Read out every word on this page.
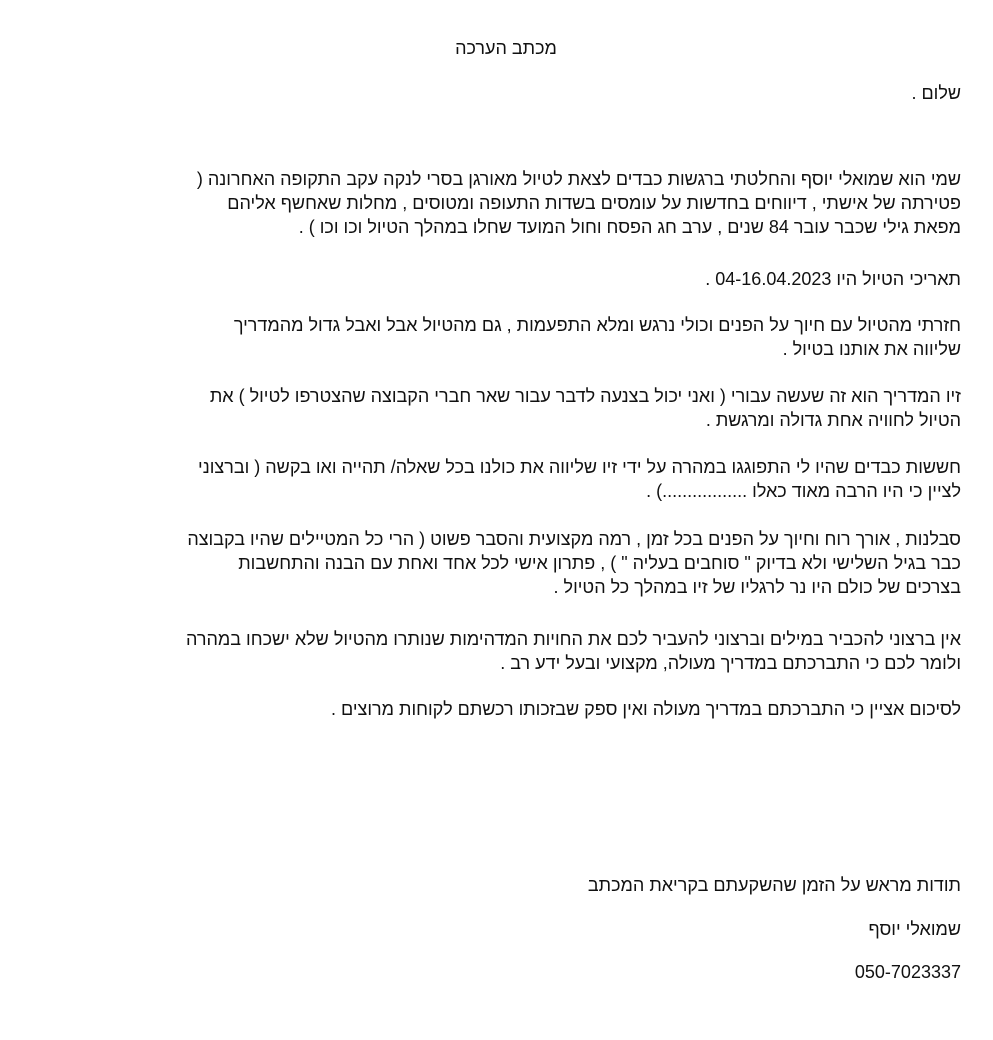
מכתב הערכה
שלום .
שמי הוא שמואלי יוסף והחלטתי ברגשות כבדים לצאת לטיול מאורגן בסרי לנקה עקב התקופה האחרונה (
פטירתה של אישתי , דיווחים בחדשות על עומסים בשדות התעופה ומטוסים , מחלות שאחשף אליהם
מפאת גילי שכבר עובר 84 שנים , ערב חג הפסח וחול המועד שחלו במהלך הטיול וכו וכו ) .
תאריכי הטיול היו 04-16.04.2023 .
חזרתי מהטיול עם חיוך על הפנים וכולי נרגש ומלא התפעמות , גם מהטיול אבל ואבל גדול מהמדריך
שליווה את אותנו בטיול .
זיו המדריך הוא זה שעשה עבורי ( ואני יכול בצנעה לדבר עבור שאר חברי הקבוצה שהצטרפו לטיול ) את
הטיול לחוויה אחת גדולה ומרגשת .
חששות כבדים שהיו לי התפוגגו במהרה על ידי זיו שליווה את כולנו בכל שאלה/ תהייה ואו בקשה ( וברצוני
לציין כי היו הרבה מאוד כאלו .................) .
סבלנות , אורך רוח וחיוך על הפנים בכל זמן , רמה מקצועית והסבר פשוט ( הרי כל המטיילים שהיו בקבוצה
כבר בגיל השלישי ולא בדיוק " סוחבים בעליה " ) , פתרון אישי לכל אחד ואחת עם הבנה והתחשבות
בצרכים של כולם היו נר לרגליו של זיו במהלך כל הטיול .
אין ברצוני להכביר במילים וברצוני להעביר לכם את החויות המדהימות שנותרו מהטיול שלא ישכחו במהרה
ולומר לכם כי התברכתם במדריך מעולה, מקצועי ובעל ידע רב .
לסיכום אציין כי התברכתם במדריך מעולה ואין ספק שבזכותו רכשתם לקוחות מרוצים .
תודות מראש על הזמן שהשקעתם בקריאת המכתב
שמואלי יוסף
050-7023337
